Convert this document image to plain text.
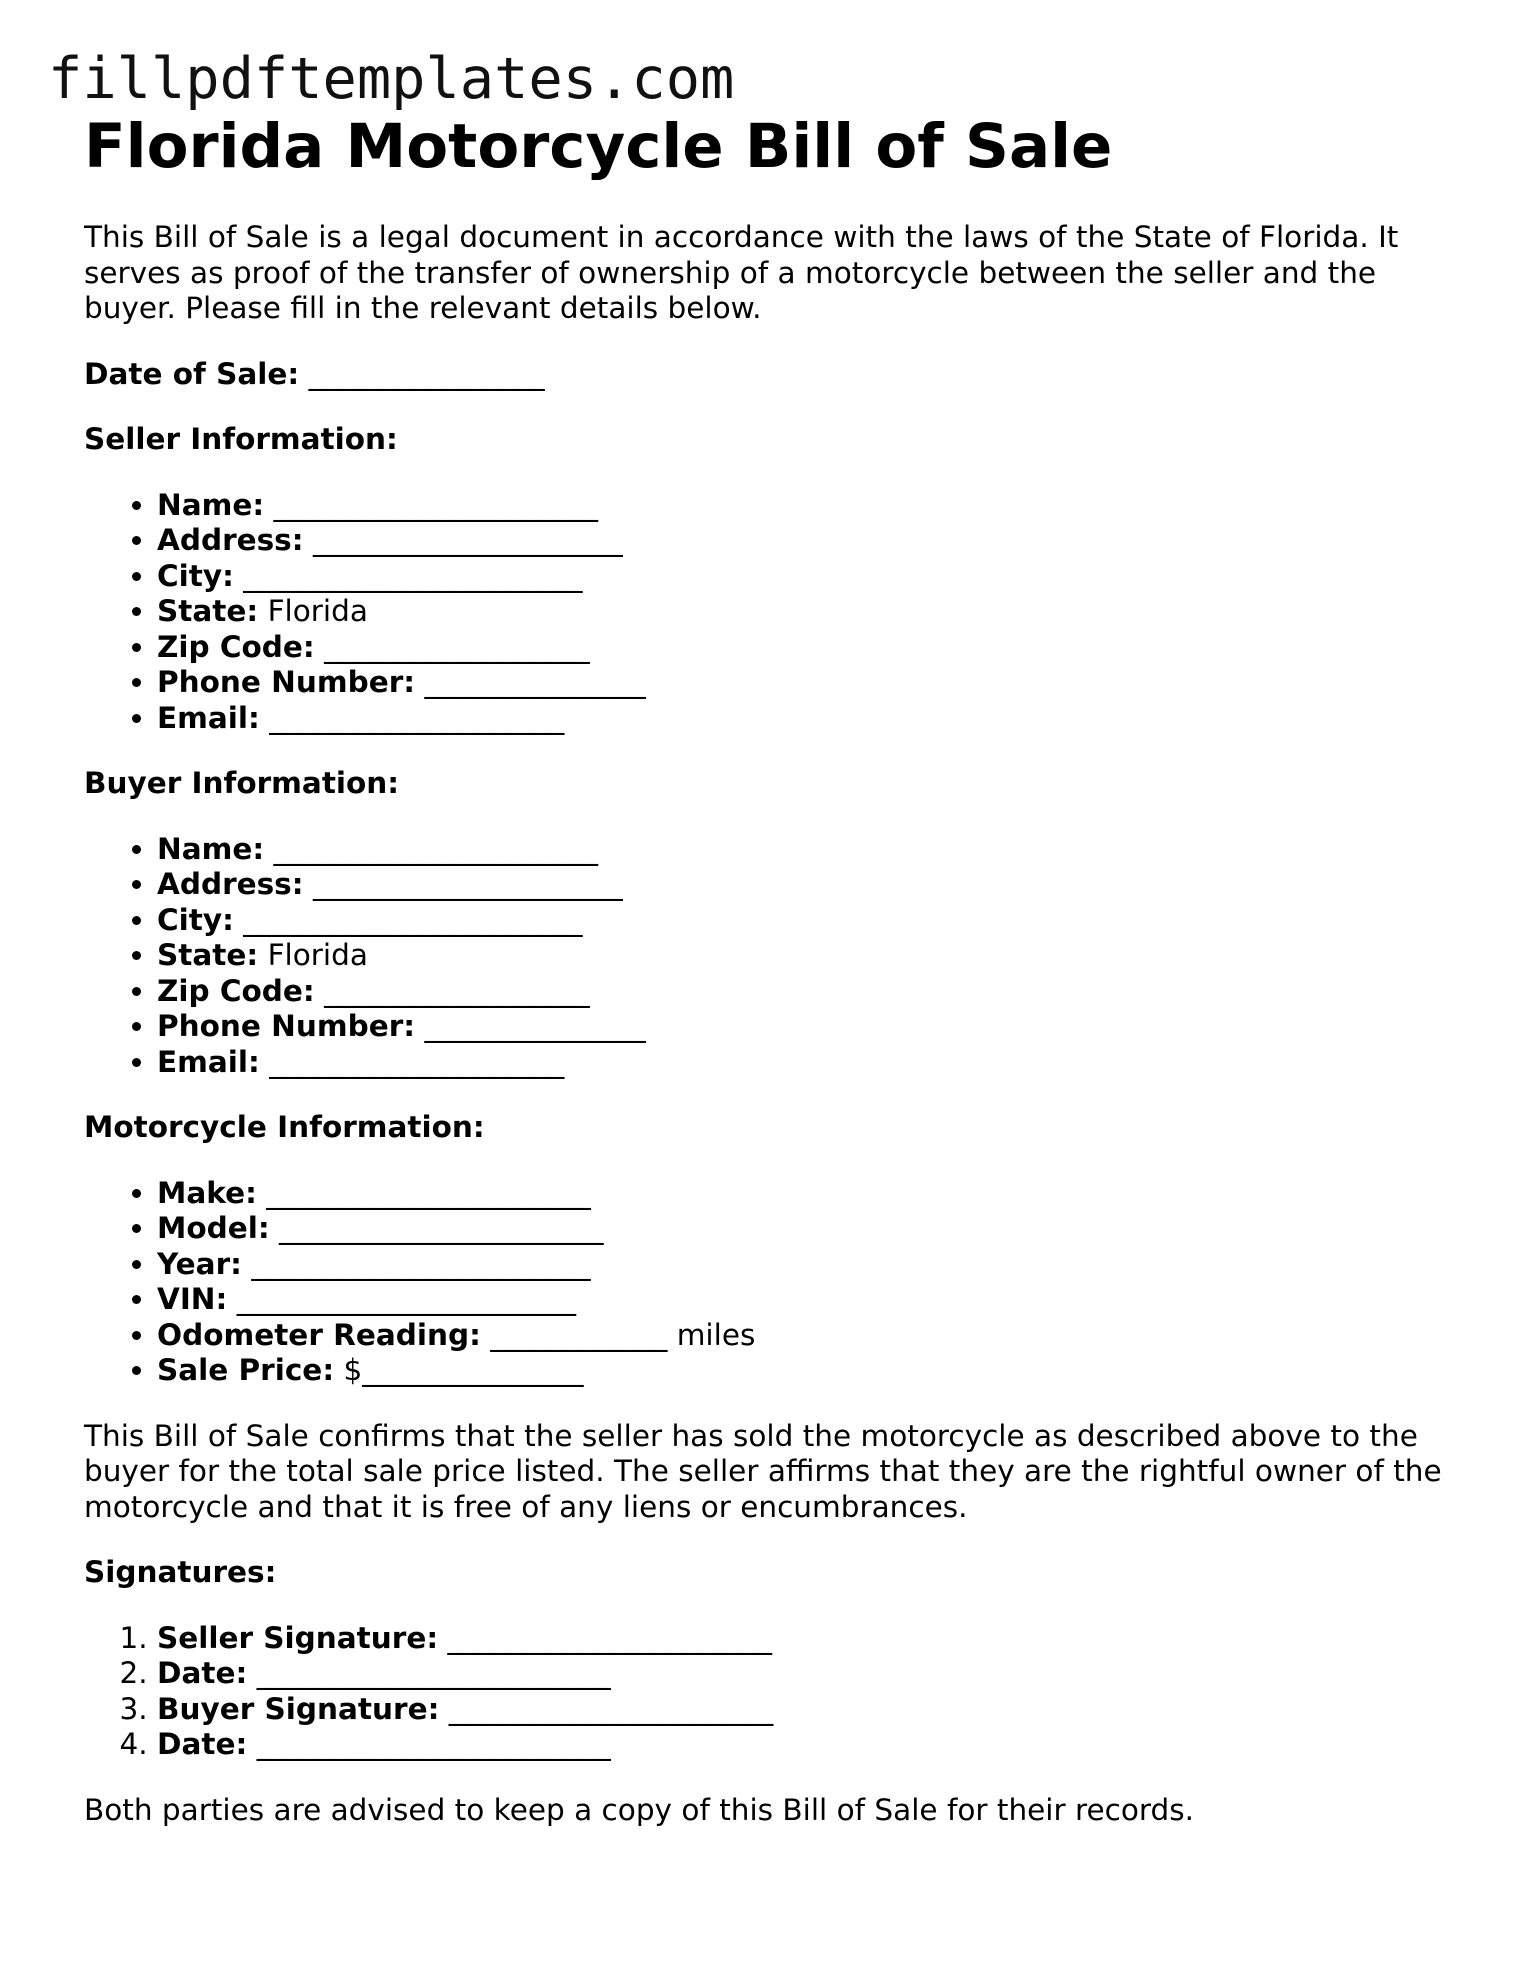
fillpdftemplates.com
Florida Motorcycle Bill of Sale

This Bill of Sale is a legal document in accordance with the laws of the State of Florida. It serves as proof of the transfer of ownership of a motorcycle between the seller and the buyer. Please fill in the relevant details below.

Date of Sale: ________________

Seller Information:

• Name: ______________________
• Address: _____________________
• City: _______________________
• State: Florida
• Zip Code: __________________
• Phone Number: _______________
• Email: ____________________

Buyer Information:

• Name: ______________________
• Address: _____________________
• City: _______________________
• State: Florida
• Zip Code: __________________
• Phone Number: _______________
• Email: ____________________

Motorcycle Information:

• Make: ______________________
• Model: ______________________
• Year: _______________________
• VIN: _______________________
• Odometer Reading: ____________ miles
• Sale Price: $_______________

This Bill of Sale confirms that the seller has sold the motorcycle as described above to the buyer for the total sale price listed. The seller affirms that they are the rightful owner of the motorcycle and that it is free of any liens or encumbrances.

Signatures:

1. Seller Signature: ______________________
2. Date: ________________________
3. Buyer Signature: ______________________
4. Date: ________________________

Both parties are advised to keep a copy of this Bill of Sale for their records.
